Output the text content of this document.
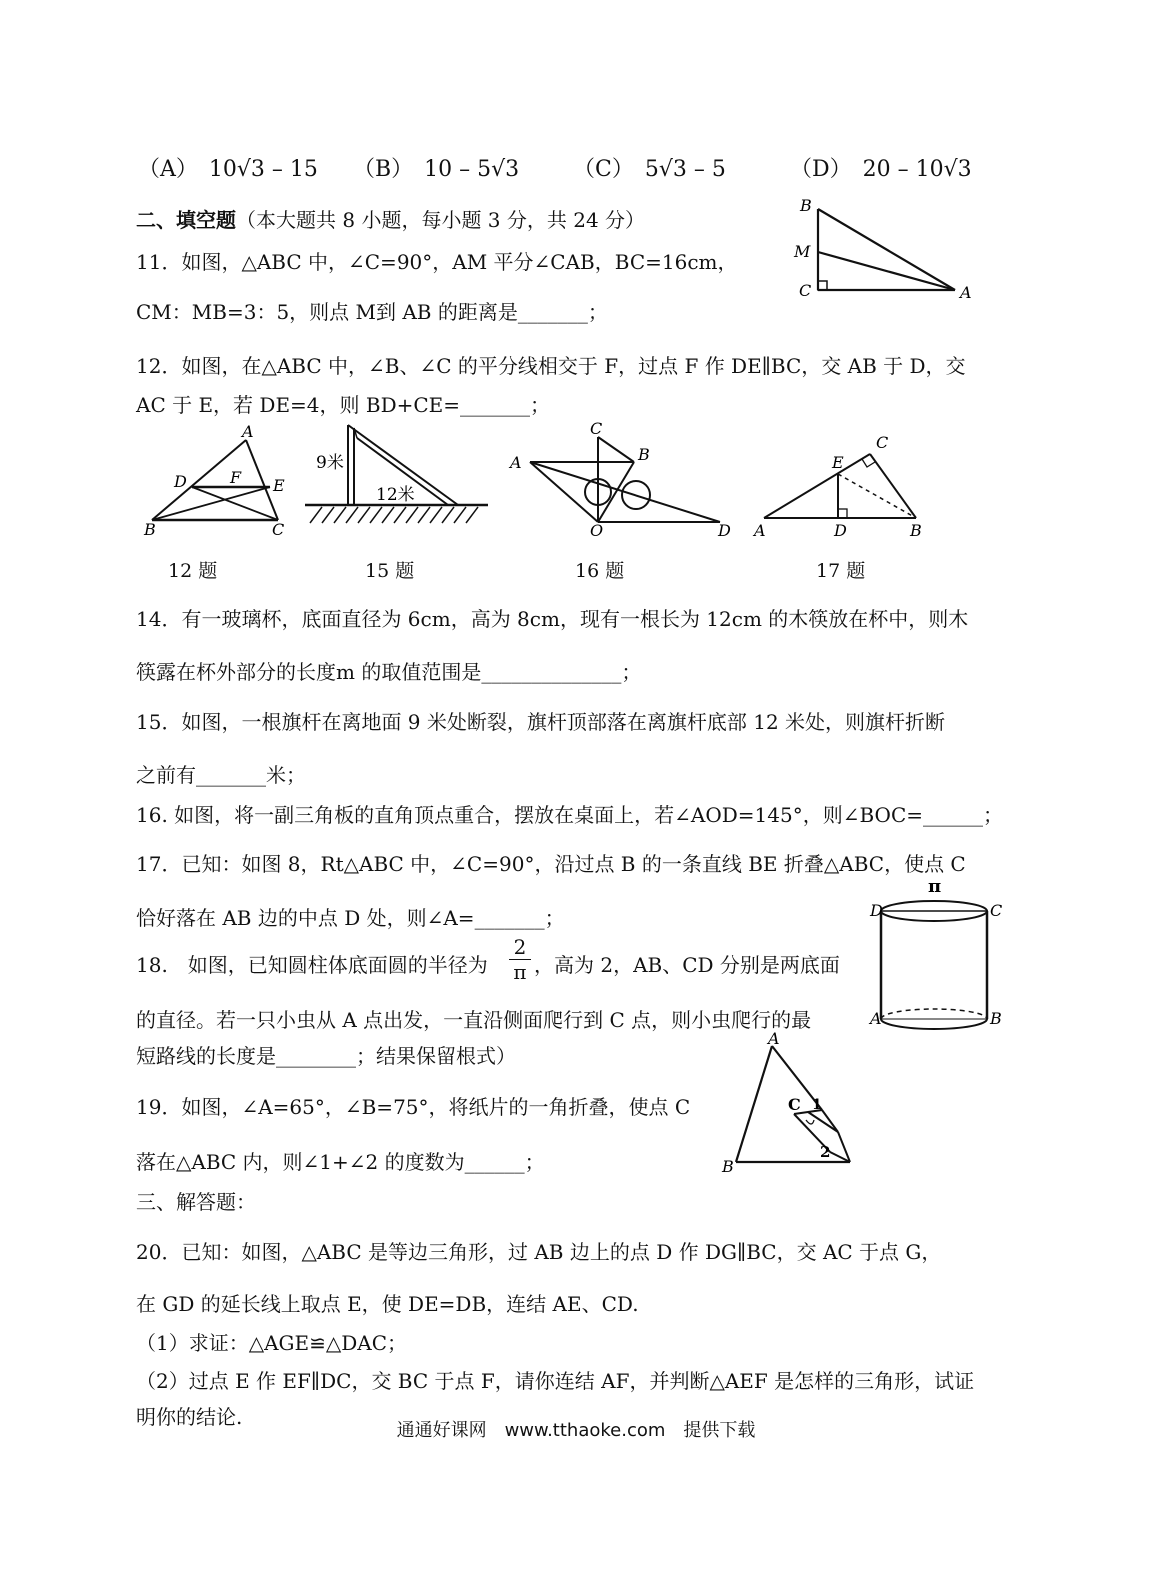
（A）　10√3 – 15 （B）　10 – 5√3 （C）　5√3 – 5	（D）　20 – 10√3
二、填空题（本大题共 8 小题，每小题 3 分，共 24 分）
11．如图，△ABC 中，∠C=90°，AM 平分∠CAB，BC=16cm，
CM：MB=3：5，则点 M到 AB 的距离是_______；
B
M
C	A
12．如图，在△ABC 中，∠B、∠C 的平分线相交于 F，过点 F 作 DE∥BC，交 AB 于 D，交
AC 于 E，若 DE=4，则 BD+CE=_______；
A
D	F E
B	C
12 题
9米
12米
15 题
C
B
A
O	D
16 题
C
E
A	D	B
17 题
14．有一玻璃杯，底面直径为 6cm，高为 8cm，现有一根长为 12cm 的木筷放在杯中，则木
筷露在杯外部分的长度m 的取值范围是______________；
15．如图，一根旗杆在离地面 9 米处断裂，旗杆顶部落在离旗杆底部 12 米处，则旗杆折断
之前有_______米；
16. 如图，将一副三角板的直角顶点重合，摆放在桌面上，若∠AOD=145°，则∠BOC=______；
17．已知：如图 8，Rt△ABC 中，∠C=90°，沿过点 B 的一条直线 BE 折叠△ABC，使点 C
恰好落在 AB 边的中点 D 处，则∠A=_______；
18.　如图，已知圆柱体底面圆的半径为 $\frac{2}{\pi}$ ，高为 2，AB、CD 分别是两底面
的直径。若一只小虫从 A 点出发，一直沿侧面爬行到 C 点，则小虫爬行的最
短路线的长度是________；结果保留根式）
π
D	C
A	B
19．如图，∠A=65°，∠B=75°，将纸片的一角折叠，使点 C
落在△ABC 内，则∠1+∠2 的度数为______；
A
B
C 1
2
三、解答题：
20．已知：如图，△ABC 是等边三角形，过 AB 边上的点 D 作 DG∥BC，交 AC 于点 G，
在 GD 的延长线上取点 E，使 DE=DB，连结 AE、CD.
（1）求证：△AGE≌△DAC；
（2）过点 E 作 EF∥DC，交 BC 于点 F，请你连结 AF，并判断△AEF 是怎样的三角形，试证
明你的结论.
通通好课网　www.tthaoke.com　提供下载
